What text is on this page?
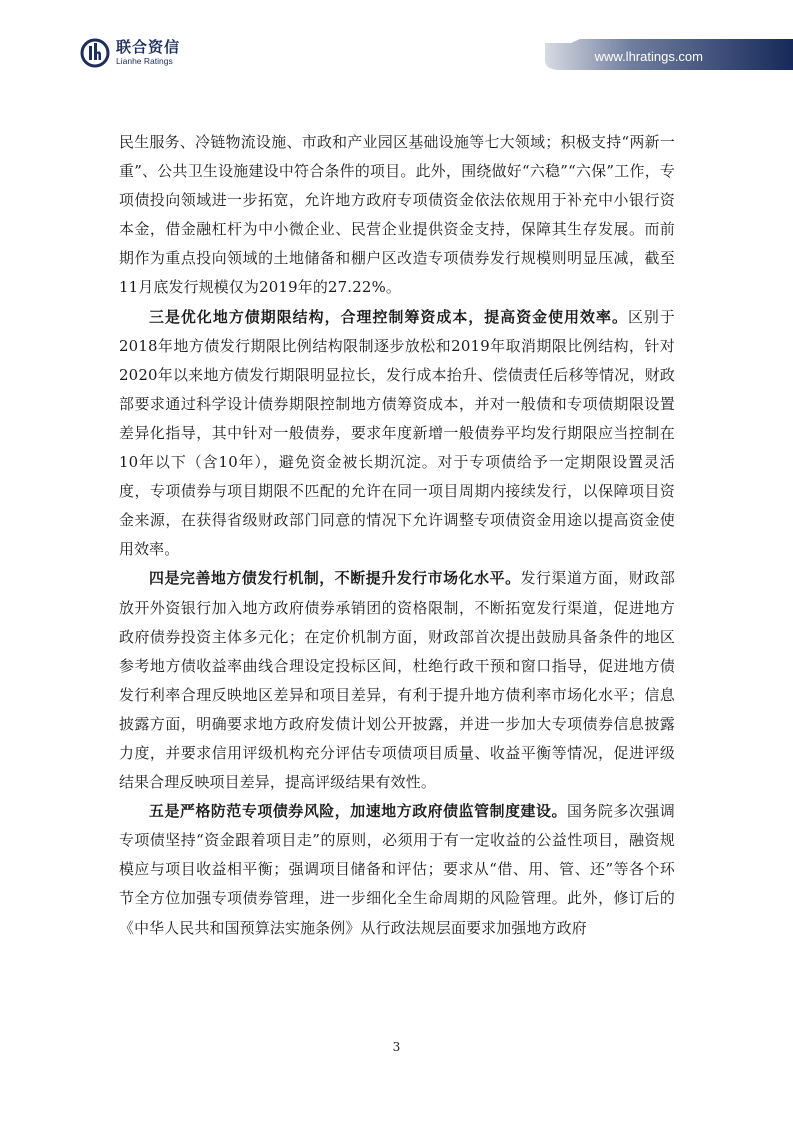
联合资信
Lianhe Ratings	www.lhratings.com

民生服务、冷链物流设施、市政和产业园区基础设施等七大领域；积极支持“两新一重”、公共卫生设施建设中符合条件的项目。此外，围绕做好“六稳”“六保”工作，专项债投向领域进一步拓宽，允许地方政府专项债资金依法依规用于补充中小银行资本金，借金融杠杆为中小微企业、民营企业提供资金支持，保障其生存发展。而前期作为重点投向领域的土地储备和棚户区改造专项债券发行规模则明显压减，截至11月底发行规模仅为2019年的27.22%。

三是优化地方债期限结构，合理控制筹资成本，提高资金使用效率。区别于2018年地方债发行期限比例结构限制逐步放松和2019年取消期限比例结构，针对2020年以来地方债发行期限明显拉长，发行成本抬升、偿债责任后移等情况，财政部要求通过科学设计债券期限控制地方债筹资成本，并对一般债和专项债期限设置差异化指导，其中针对一般债券，要求年度新增一般债券平均发行期限应当控制在10年以下（含10年），避免资金被长期沉淀。对于专项债给予一定期限设置灵活度，专项债券与项目期限不匹配的允许在同一项目周期内接续发行，以保障项目资金来源，在获得省级财政部门同意的情况下允许调整专项债资金用途以提高资金使用效率。

四是完善地方债发行机制，不断提升发行市场化水平。发行渠道方面，财政部放开外资银行加入地方政府债券承销团的资格限制，不断拓宽发行渠道，促进地方政府债券投资主体多元化；在定价机制方面，财政部首次提出鼓励具备条件的地区参考地方债收益率曲线合理设定投标区间，杜绝行政干预和窗口指导，促进地方债发行利率合理反映地区差异和项目差异，有利于提升地方债利率市场化水平；信息披露方面，明确要求地方政府发债计划公开披露，并进一步加大专项债券信息披露力度，并要求信用评级机构充分评估专项债项目质量、收益平衡等情况，促进评级结果合理反映项目差异，提高评级结果有效性。

五是严格防范专项债券风险，加速地方政府债监管制度建设。国务院多次强调专项债坚持“资金跟着项目走”的原则，必须用于有一定收益的公益性项目，融资规模应与项目收益相平衡；强调项目储备和评估；要求从“借、用、管、还”等各个环节全方位加强专项债券管理，进一步细化全生命周期的风险管理。此外，修订后的《中华人民共和国预算法实施条例》从行政法规层面要求加强地方政府

3
